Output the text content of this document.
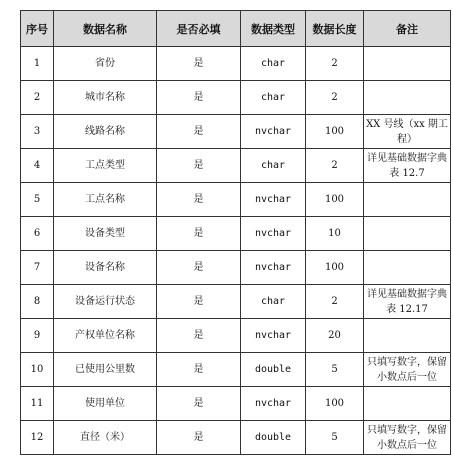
序号	数据名称	是否必填	数据类型	数据长度	备注
1	省份	是	char	2	
2	城市名称	是	char	2	
3	线路名称	是	nvchar	100	XX 号线（xx 期工程）
4	工点类型	是	char	2	详见基础数据字典表 12.7
5	工点名称	是	nvchar	100	
6	设备类型	是	nvchar	10	
7	设备名称	是	nvchar	100	
8	设备运行状态	是	char	2	详见基础数据字典表 12.17
9	产权单位名称	是	nvchar	20	
10	已使用公里数	是	double	5	只填写数字，保留小数点后一位
11	使用单位	是	nvchar	100	
12	直径（米）	是	double	5	只填写数字，保留小数点后一位
